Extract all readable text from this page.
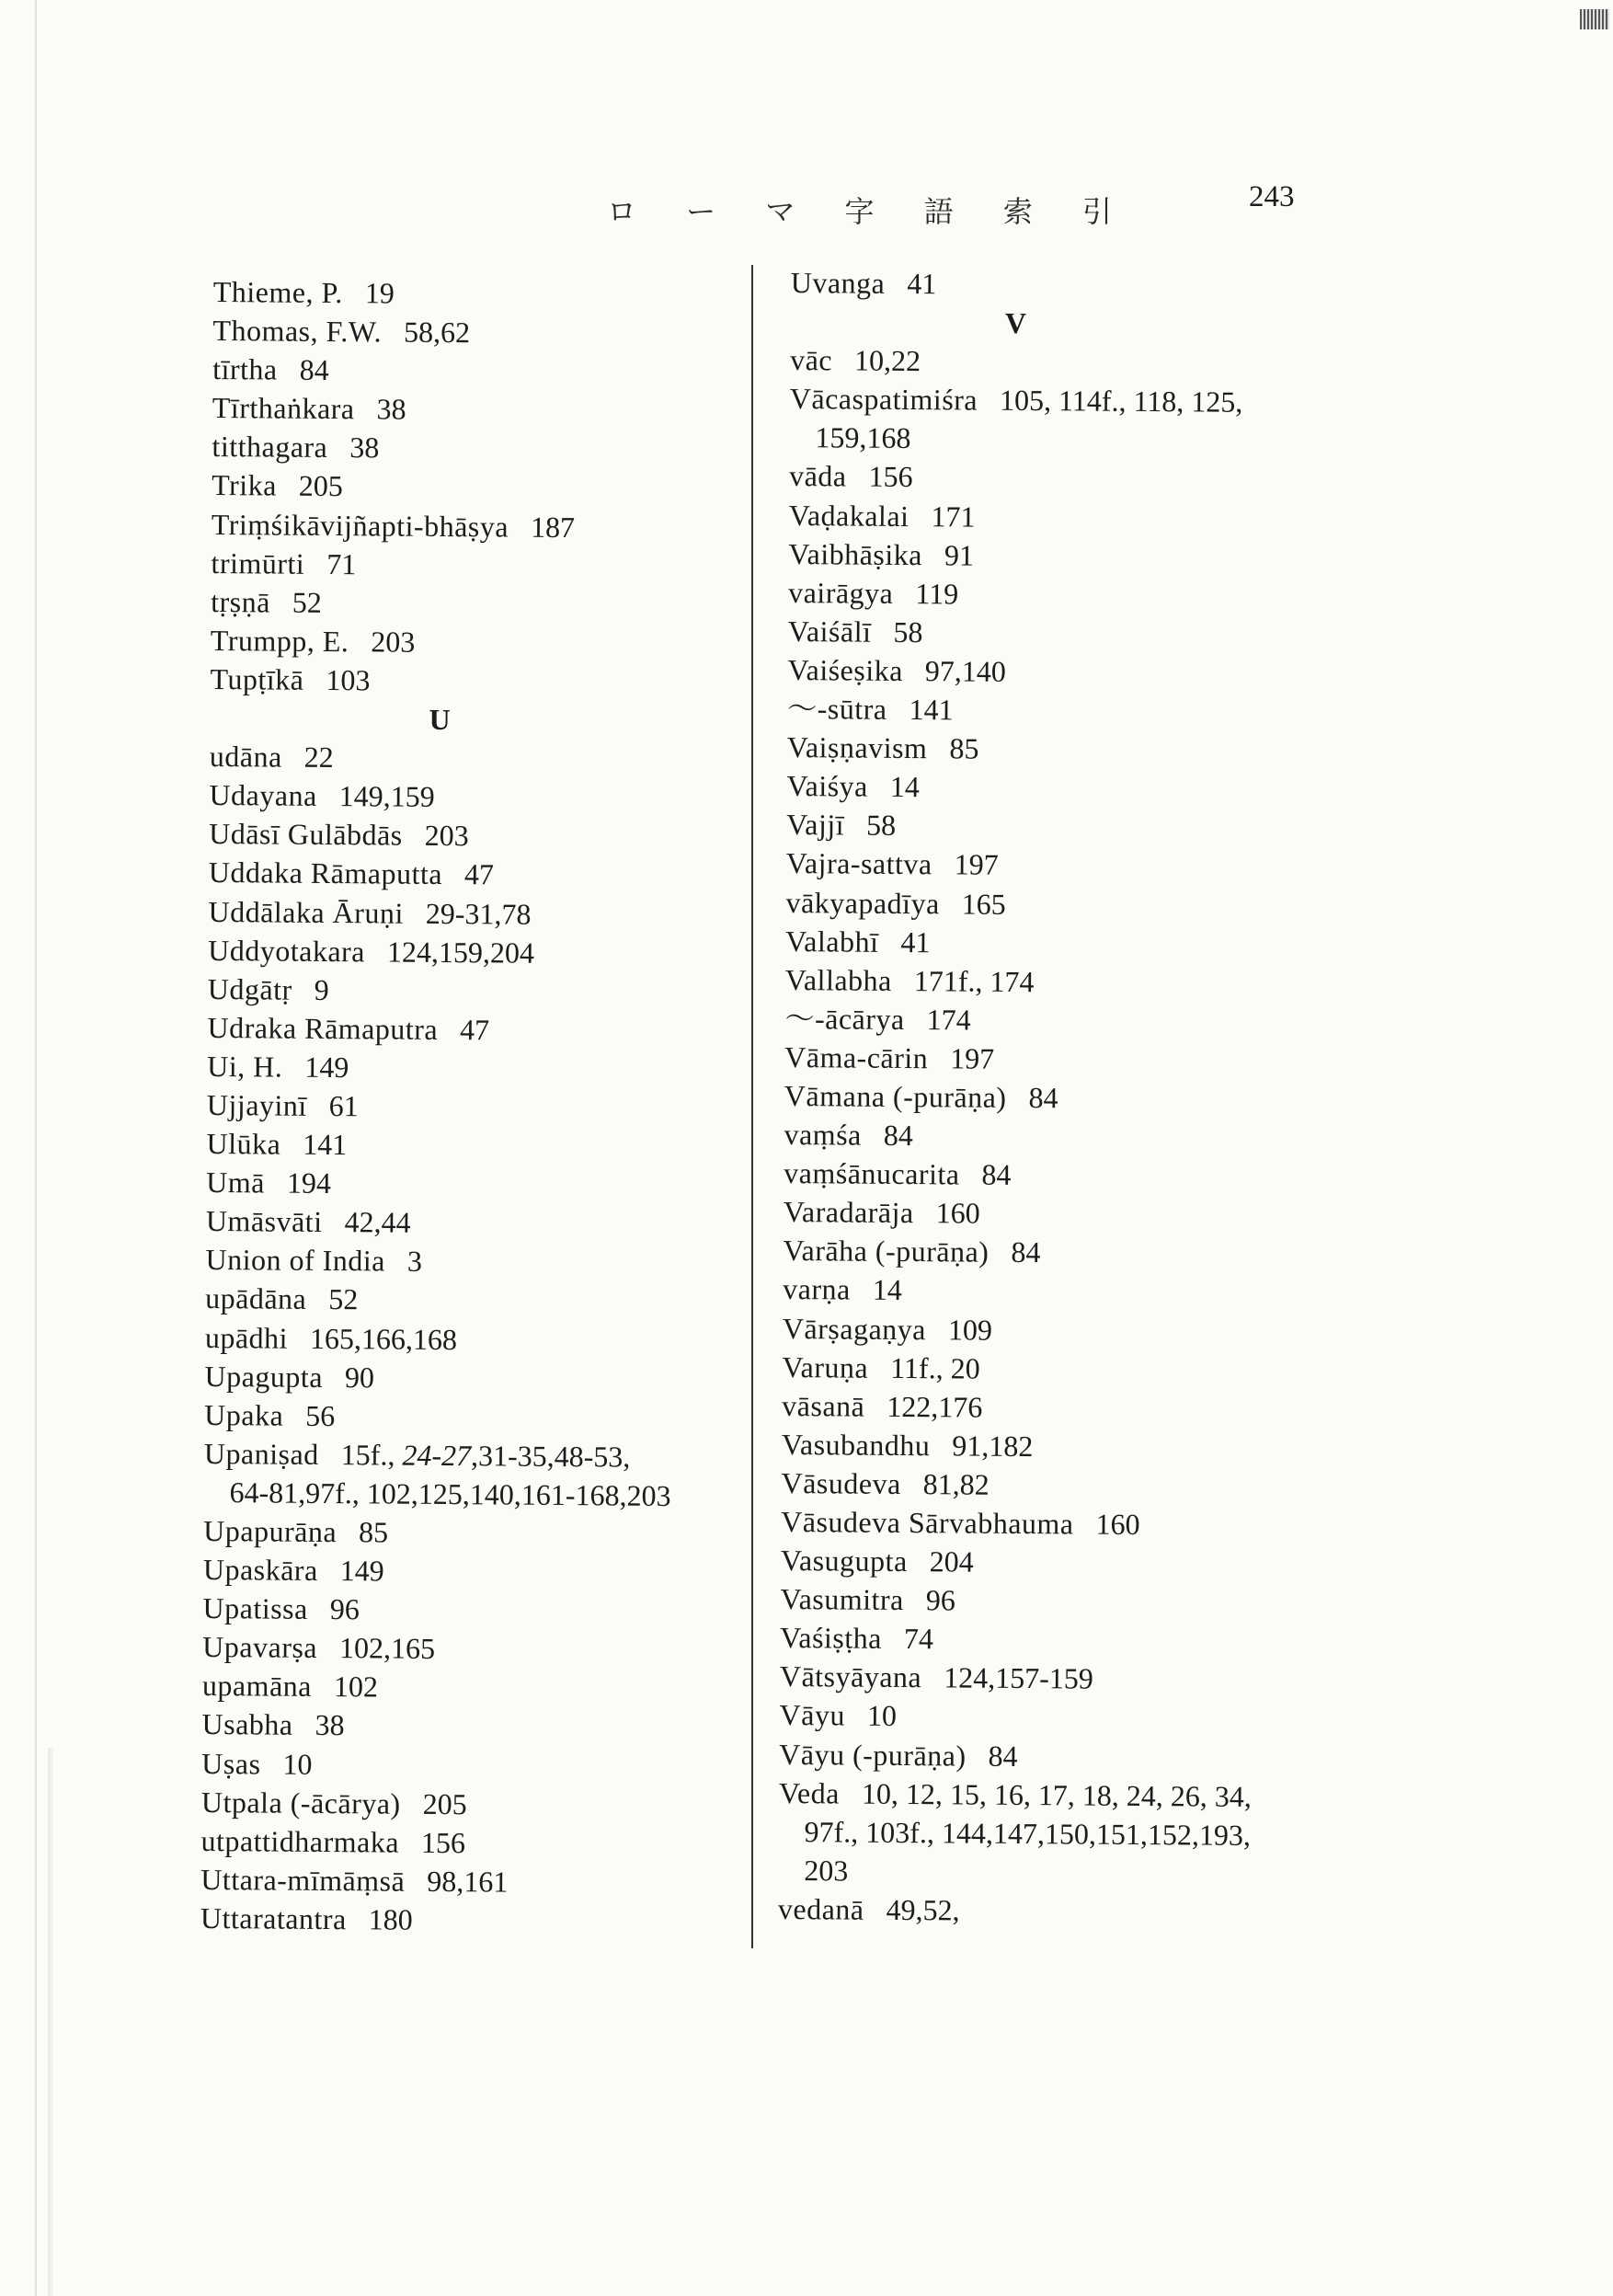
ロ ー マ 字 語 索 引	243
Thieme, P. 19
Thomas, F.W. 58,62
tīrtha 84
Tīrthaṅkara 38
titthagara 38
Trika 205
Triṃśikāvijñapti-bhāṣya 187
trimūrti 71
tṛṣṇā 52
Trumpp, E. 203
Tupṭīkā 103
U
udāna 22
Udayana 149,159
Udāsī Gulābdās 203
Uddaka Rāmaputta 47
Uddālaka Āruṇi 29-31,78
Uddyotakara 124,159,204
Udgātṛ 9
Udraka Rāmaputra 47
Ui, H. 149
Ujjayinī 61
Ulūka 141
Umā 194
Umāsvāti 42,44
Union of India 3
upādāna 52
upādhi 165,166,168
Upagupta 90
Upaka 56
Upaniṣad 15f., 24-27,31-35,48-53,
64-81,97f., 102,125,140,161-168,203
Upapurāṇa 85
Upaskāra 149
Upatissa 96
Upavarṣa 102,165
upamāna 102
Usabha 38
Uṣas 10
Utpala (-ācārya) 205
utpattidharmaka 156
Uttara-mīmāṃsā 98,161
Uttaratantra 180
Uvanga 41
V
vāc 10,22
Vācaspatimiśra 105, 114f., 118, 125,
159,168
vāda 156
Vaḍakalai 171
Vaibhāṣika 91
vairāgya 119
Vaiśālī 58
Vaiśeṣika 97,140
～-sūtra 141
Vaiṣṇavism 85
Vaiśya 14
Vajjī 58
Vajra-sattva 197
vākyapadīya 165
Valabhī 41
Vallabha 171f., 174
～-ācārya 174
Vāma-cārin 197
Vāmana (-purāṇa) 84
vaṃśa 84
vaṃśānucarita 84
Varadarāja 160
Varāha (-purāṇa) 84
varṇa 14
Vārṣagaṇya 109
Varuṇa 11f., 20
vāsanā 122,176
Vasubandhu 91,182
Vāsudeva 81,82
Vāsudeva Sārvabhauma 160
Vasugupta 204
Vasumitra 96
Vaśiṣṭha 74
Vātsyāyana 124,157-159
Vāyu 10
Vāyu (-purāṇa) 84
Veda 10, 12, 15, 16, 17, 18, 24, 26, 34,
97f., 103f., 144,147,150,151,152,193,
203
vedanā 49,52,
